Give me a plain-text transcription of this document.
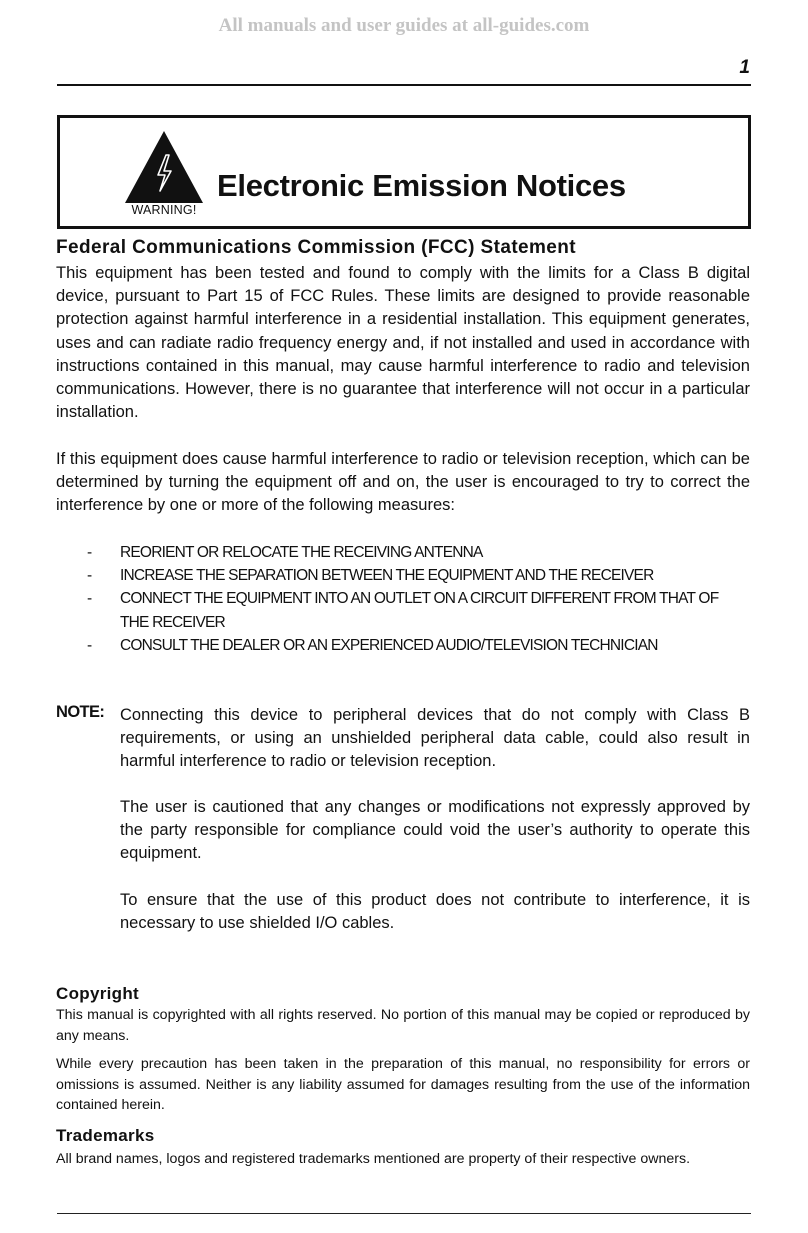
All manuals and user guides at all-guides.com
1
WARNING!
Electronic Emission Notices
Federal Communications Commission (FCC) Statement

This equipment has been tested and found to comply with the limits for a Class B digital device, pursuant to Part 15 of FCC Rules. These limits are designed to provide reasonable protection against harmful interference in a residential installation. This equipment generates, uses and can radiate radio frequency energy and, if not installed and used in accordance with instructions contained in this manual, may cause harmful interference to radio and television communications. However, there is no guarantee that interference will not occur in a particular installation.

If this equipment does cause harmful interference to radio or television reception, which can be determined by turning the equipment off and on, the user is encouraged to try to correct the interference by one or more of the following measures:

- REORIENT OR RELOCATE THE RECEIVING ANTENNA
- INCREASE THE SEPARATION BETWEEN THE EQUIPMENT AND THE RECEIVER
- CONNECT THE EQUIPMENT INTO AN OUTLET ON A CIRCUIT DIFFERENT FROM THAT OF THE RECEIVER
- CONSULT THE DEALER OR AN EXPERIENCED AUDIO/TELEVISION TECHNICIAN
NOTE: Connecting this device to peripheral devices that do not comply with Class B requirements, or using an unshielded peripheral data cable, could also result in harmful interference to radio or television reception.

The user is cautioned that any changes or modifications not expressly approved by the party responsible for compliance could void the user’s authority to operate this equipment.

To ensure that the use of this product does not contribute to interference, it is necessary to use shielded I/O cables.

Copyright

This manual is copyrighted with all rights reserved. No portion of this manual may be copied or reproduced by any means.

While every precaution has been taken in the preparation of this manual, no responsibility for errors or omissions is assumed. Neither is any liability assumed for damages resulting from the use of the information contained herein.

Trademarks

All brand names, logos and registered trademarks mentioned are property of their respective owners.
